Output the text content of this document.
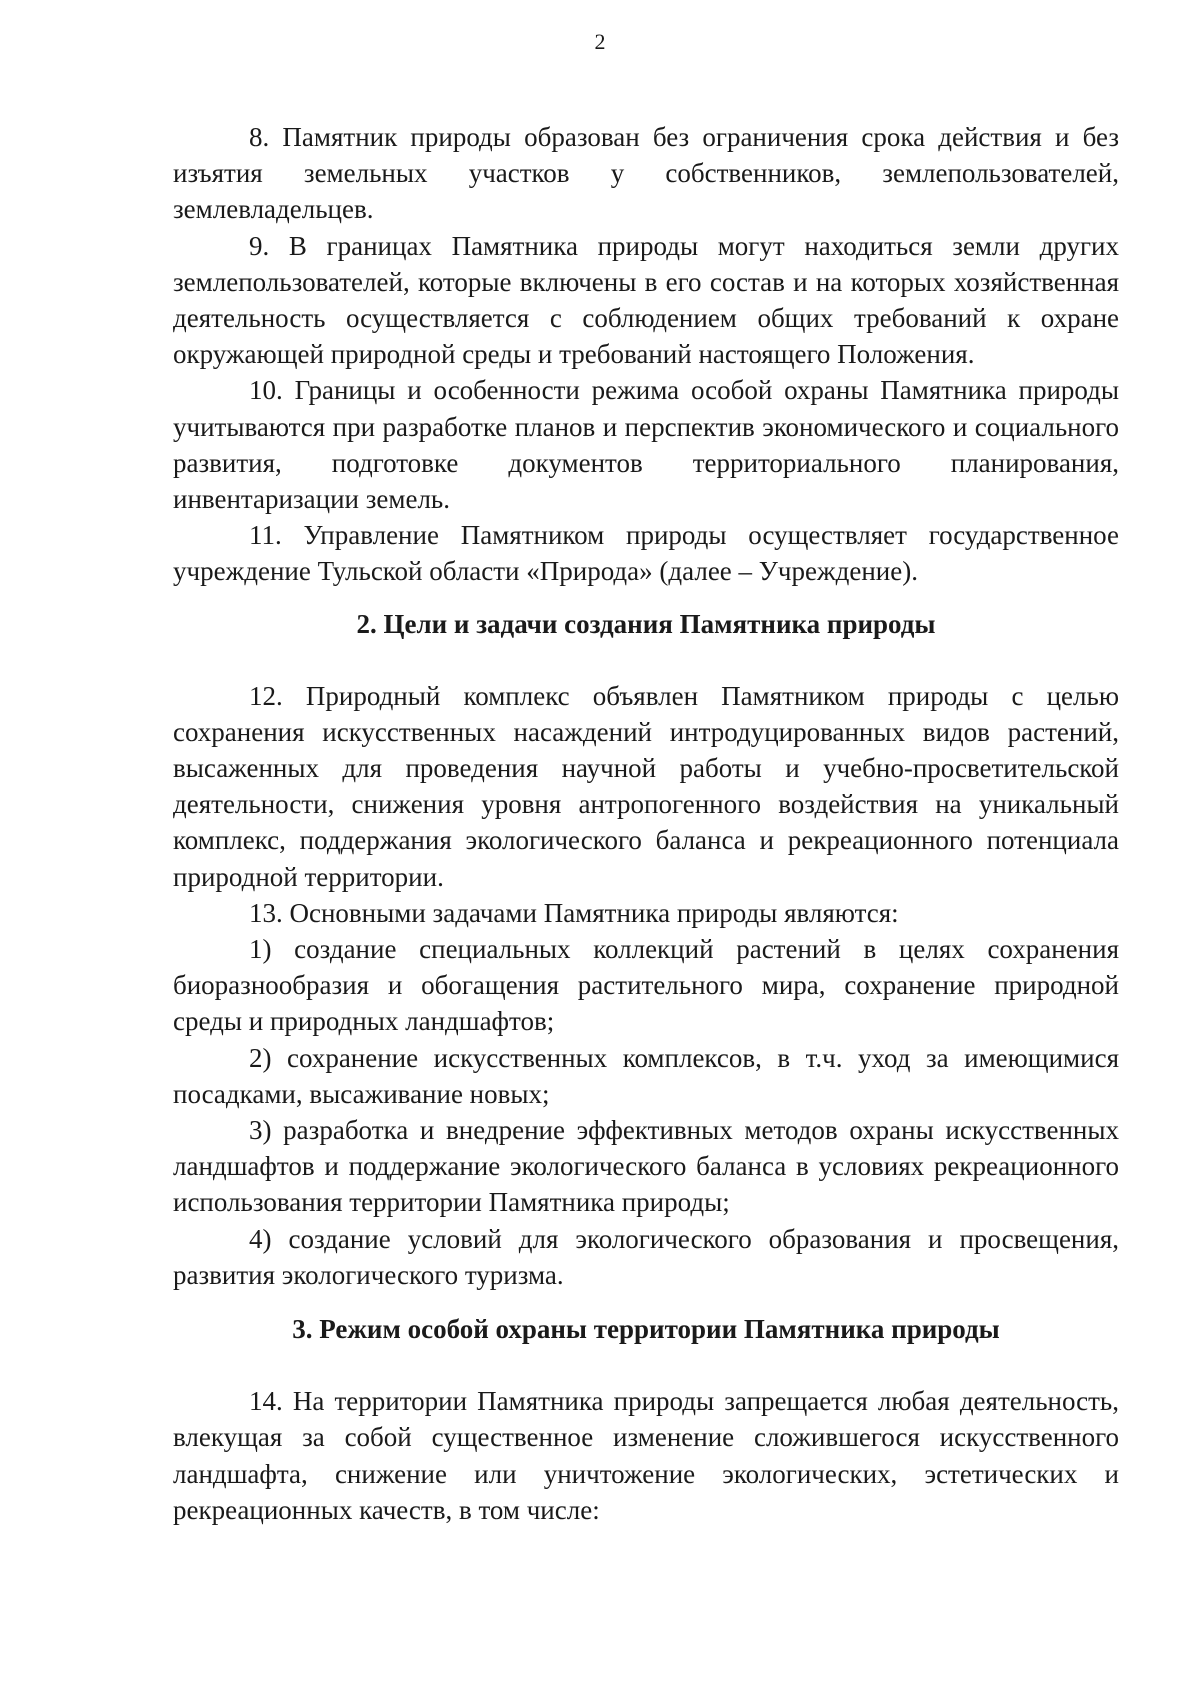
2

8. Памятник природы образован без ограничения срока действия и без изъятия земельных участков у собственников, землепользователей, землевладельцев.

9. В границах Памятника природы могут находиться земли других землепользователей, которые включены в его состав и на которых хозяйственная деятельность осуществляется с соблюдением общих требований к охране окружающей природной среды и требований настоящего Положения.

10. Границы и особенности режима особой охраны Памятника природы учитываются при разработке планов и перспектив экономического и социального развития, подготовке документов территориального планирования, инвентаризации земель.

11. Управление Памятником природы осуществляет государственное учреждение Тульской области «Природа» (далее – Учреждение).

2. Цели и задачи создания Памятника природы

12. Природный комплекс объявлен Памятником природы с целью сохранения искусственных насаждений интродуцированных видов растений, высаженных для проведения научной работы и учебно-просветительской деятельности, снижения уровня антропогенного воздействия на уникальный комплекс, поддержания экологического баланса и рекреационного потенциала природной территории.

13. Основными задачами Памятника природы являются:

1) создание специальных коллекций растений в целях сохранения биоразнообразия и обогащения растительного мира, сохранение природной среды и природных ландшафтов;

2) сохранение искусственных комплексов, в т.ч. уход за имеющимися посадками, высаживание новых;

3) разработка и внедрение эффективных методов охраны искусственных ландшафтов и поддержание экологического баланса в условиях рекреационного использования территории Памятника природы;

4) создание условий для экологического образования и просвещения, развития экологического туризма.

3. Режим особой охраны территории Памятника природы

14. На территории Памятника природы запрещается любая деятельность, влекущая за собой существенное изменение сложившегося искусственного ландшафта, снижение или уничтожение экологических, эстетических и рекреационных качеств, в том числе:
